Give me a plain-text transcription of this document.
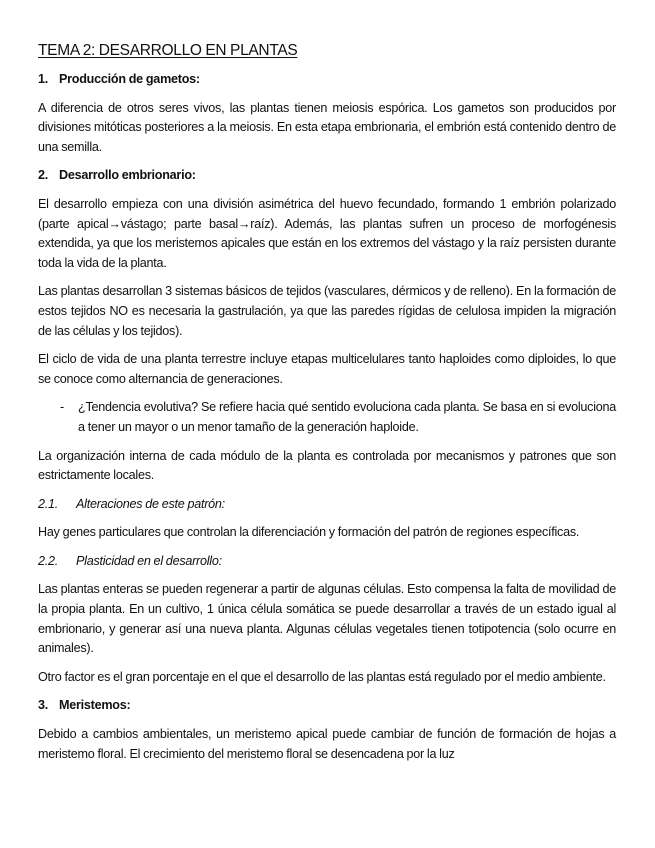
TEMA 2: DESARROLLO EN PLANTAS
1. Producción de gametos:

A diferencia de otros seres vivos, las plantas tienen meiosis espórica. Los gametos son producidos por divisiones mitóticas posteriores a la meiosis. En esta etapa embrionaria, el embrión está contenido dentro de una semilla.

2. Desarrollo embrionario:

El desarrollo empieza con una división asimétrica del huevo fecundado, formando 1 embrión polarizado (parte apical→vástago; parte basal→raíz). Además, las plantas sufren un proceso de morfogénesis extendida, ya que los meristemos apicales que están en los extremos del vástago y la raíz persisten durante toda la vida de la planta.

Las plantas desarrollan 3 sistemas básicos de tejidos (vasculares, dérmicos y de relleno). En la formación de estos tejidos NO es necesaria la gastrulación, ya que las paredes rígidas de celulosa impiden la migración de las células y los tejidos).

El ciclo de vida de una planta terrestre incluye etapas multicelulares tanto haploides como diploides, lo que se conoce como alternancia de generaciones.

- ¿Tendencia evolutiva? Se refiere hacia qué sentido evoluciona cada planta. Se basa en si evoluciona a tener un mayor o un menor tamaño de la generación haploide.

La organización interna de cada módulo de la planta es controlada por mecanismos y patrones que son estrictamente locales.

2.1. Alteraciones de este patrón:

Hay genes particulares que controlan la diferenciación y formación del patrón de regiones específicas.

2.2. Plasticidad en el desarrollo:

Las plantas enteras se pueden regenerar a partir de algunas células. Esto compensa la falta de movilidad de la propia planta. En un cultivo, 1 única célula somática se puede desarrollar a través de un estado igual al embrionario, y generar así una nueva planta. Algunas células vegetales tienen totipotencia (solo ocurre en animales).

Otro factor es el gran porcentaje en el que el desarrollo de las plantas está regulado por el medio ambiente.

3. Meristemos:

Debido a cambios ambientales, un meristemo apical puede cambiar de función de formación de hojas a meristemo floral. El crecimiento del meristemo floral se desencadena por la luz
